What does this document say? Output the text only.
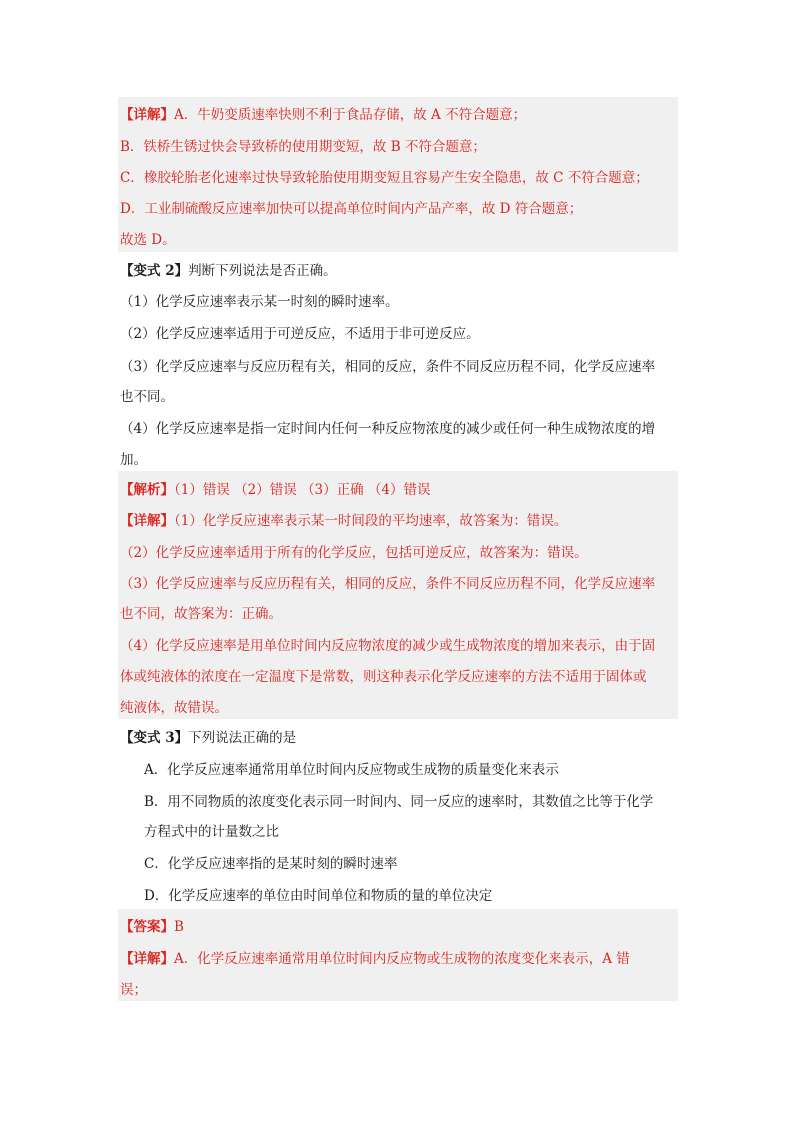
【详解】A．牛奶变质速率快则不利于食品存储，故 A 不符合题意；
B．铁桥生锈过快会导致桥的使用期变短，故 B 不符合题意；
C．橡胶轮胎老化速率过快导致轮胎使用期变短且容易产生安全隐患，故 C 不符合题意；
D．工业制硫酸反应速率加快可以提高单位时间内产品产率，故 D 符合题意；
故选 D。
【变式 2】判断下列说法是否正确。
（1）化学反应速率表示某一时刻的瞬时速率。
（2）化学反应速率适用于可逆反应，不适用于非可逆反应。
（3）化学反应速率与反应历程有关，相同的反应，条件不同反应历程不同，化学反应速率
也不同。
（4）化学反应速率是指一定时间内任何一种反应物浓度的减少或任何一种生成物浓度的增
加。
【解析】（1）错误 （2）错误 （3）正确 （4）错误
【详解】（1）化学反应速率表示某一时间段的平均速率，故答案为：错误。
（2）化学反应速率适用于所有的化学反应，包括可逆反应，故答案为：错误。
（3）化学反应速率与反应历程有关，相同的反应，条件不同反应历程不同，化学反应速率
也不同，故答案为：正确。
（4）化学反应速率是用单位时间内反应物浓度的减少或生成物浓度的增加来表示，由于固
体或纯液体的浓度在一定温度下是常数，则这种表示化学反应速率的方法不适用于固体或
纯液体，故错误。
【变式 3】下列说法正确的是
A．化学反应速率通常用单位时间内反应物或生成物的质量变化来表示
B．用不同物质的浓度变化表示同一时间内、同一反应的速率时，其数值之比等于化学
方程式中的计量数之比
C．化学反应速率指的是某时刻的瞬时速率
D．化学反应速率的单位由时间单位和物质的量的单位决定
【答案】B
【详解】A．化学反应速率通常用单位时间内反应物或生成物的浓度变化来表示，A 错
误；
